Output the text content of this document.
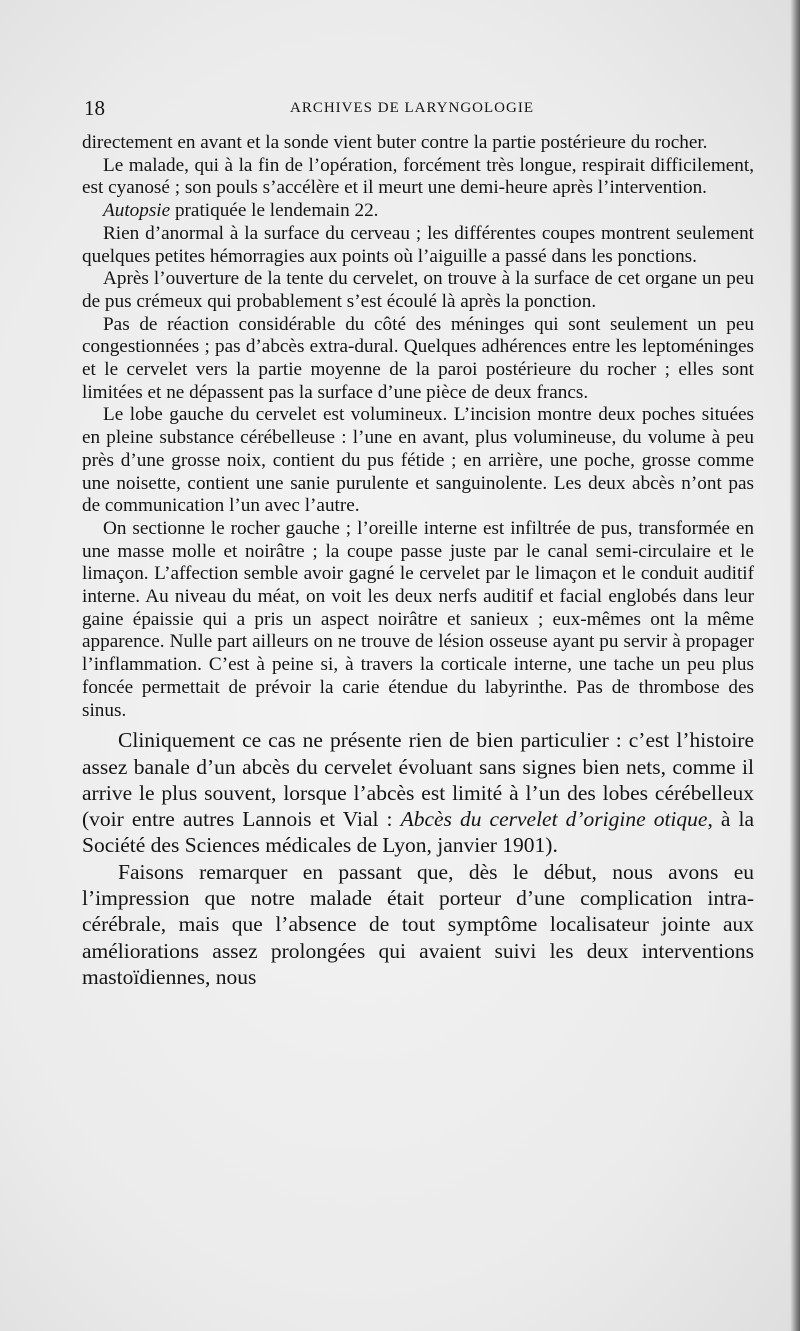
18	ARCHIVES DE LARYNGOLOGIE

directement en avant et la sonde vient buter contre la partie postérieure du rocher.

Le malade, qui à la fin de l’opération, forcément très longue, respirait difficilement, est cyanosé ; son pouls s’accélère et il meurt une demi-heure après l’intervention.

Autopsie pratiquée le lendemain 22.

Rien d’anormal à la surface du cerveau ; les différentes coupes montrent seulement quelques petites hémorragies aux points où l’aiguille a passé dans les ponctions.

Après l’ouverture de la tente du cervelet, on trouve à la surface de cet organe un peu de pus crémeux qui probablement s’est écoulé là après la ponction.

Pas de réaction considérable du côté des méninges qui sont seulement un peu congestionnées ; pas d’abcès extra-dural. Quelques adhérences entre les leptoméninges et le cervelet vers la partie moyenne de la paroi postérieure du rocher ; elles sont limitées et ne dépassent pas la surface d’une pièce de deux francs.

Le lobe gauche du cervelet est volumineux. L’incision montre deux poches situées en pleine substance cérébelleuse : l’une en avant, plus volumineuse, du volume à peu près d’une grosse noix, contient du pus fétide ; en arrière, une poche, grosse comme une noisette, contient une sanie purulente et sanguinolente. Les deux abcès n’ont pas de communication l’un avec l’autre.

On sectionne le rocher gauche ; l’oreille interne est infiltrée de pus, transformée en une masse molle et noirâtre ; la coupe passe juste par le canal semi-circulaire et le limaçon. L’affection semble avoir gagné le cervelet par le limaçon et le conduit auditif interne. Au niveau du méat, on voit les deux nerfs auditif et facial englobés dans leur gaine épaissie qui a pris un aspect noirâtre et sanieux ; eux-mêmes ont la même apparence. Nulle part ailleurs on ne trouve de lésion osseuse ayant pu servir à propager l’inflammation. C’est à peine si, à travers la corticale interne, une tache un peu plus foncée permettait de prévoir la carie étendue du labyrinthe. Pas de thrombose des sinus.

Cliniquement ce cas ne présente rien de bien particulier : c’est l’histoire assez banale d’un abcès du cervelet évoluant sans signes bien nets, comme il arrive le plus souvent, lorsque l’abcès est limité à l’un des lobes cérébelleux (voir entre autres Lannois et Vial : Abcès du cervelet d’origine otique, à la Société des Sciences médicales de Lyon, janvier 1901).

Faisons remarquer en passant que, dès le début, nous avons eu l’impression que notre malade était porteur d’une complication intra-cérébrale, mais que l’absence de tout symptôme localisateur jointe aux améliorations assez prolongées qui avaient suivi les deux interventions mastoïdiennes, nous
